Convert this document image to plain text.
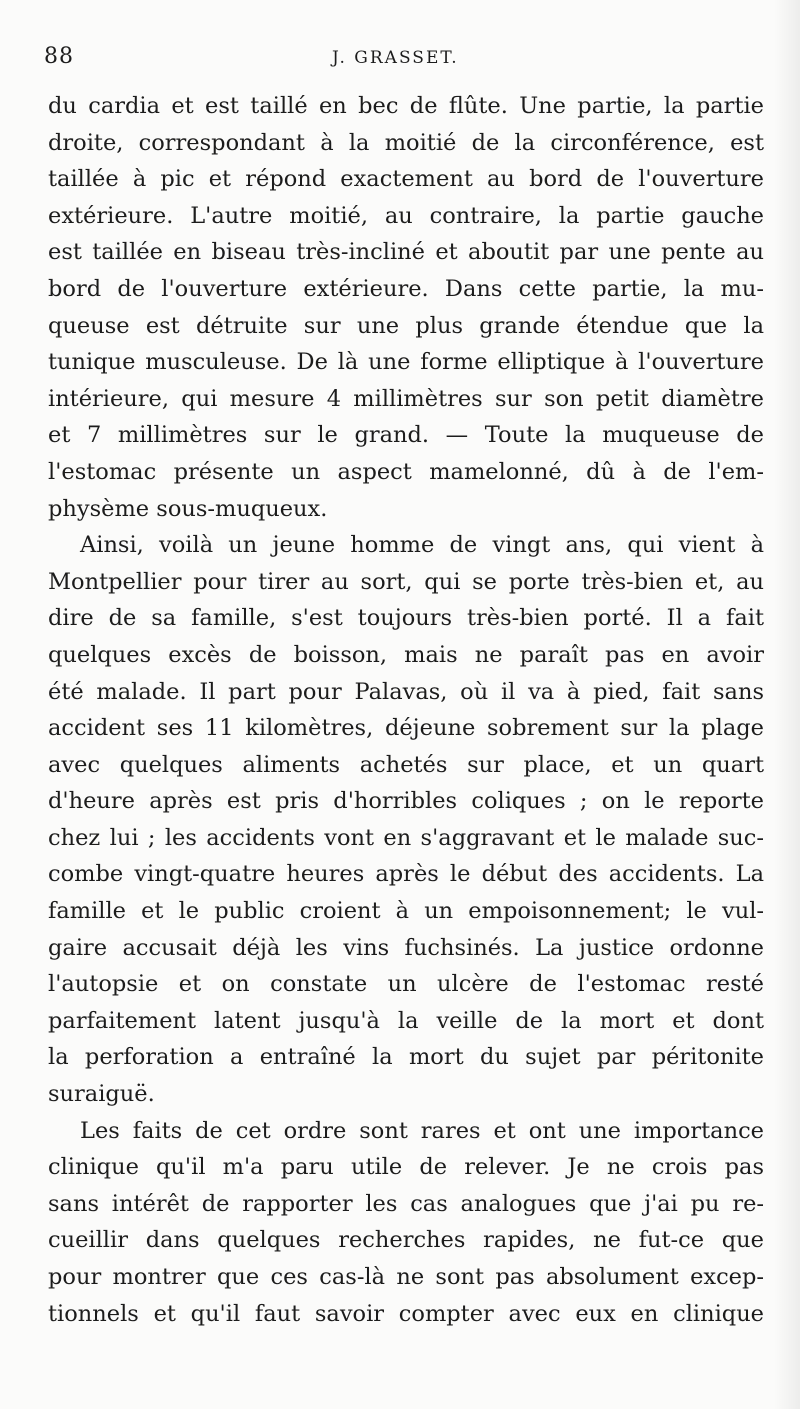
88	J. GRASSET.
du cardia et est taillé en bec de flûte. Une partie, la partie
droite, correspondant à la moitié de la circonférence, est
taillée à pic et répond exactement au bord de l'ouverture
extérieure. L'autre moitié, au contraire, la partie gauche
est taillée en biseau très-incliné et aboutit par une pente au
bord de l'ouverture extérieure. Dans cette partie, la mu-
queuse est détruite sur une plus grande étendue que la
tunique musculeuse. De là une forme elliptique à l'ouverture
intérieure, qui mesure 4 millimètres sur son petit diamètre
et 7 millimètres sur le grand. — Toute la muqueuse de
l'estomac présente un aspect mamelonné, dû à de l'em-
physème sous-muqueux.
Ainsi, voilà un jeune homme de vingt ans, qui vient à
Montpellier pour tirer au sort, qui se porte très-bien et, au
dire de sa famille, s'est toujours très-bien porté. Il a fait
quelques excès de boisson, mais ne paraît pas en avoir
été malade. Il part pour Palavas, où il va à pied, fait sans
accident ses 11 kilomètres, déjeune sobrement sur la plage
avec quelques aliments achetés sur place, et un quart
d'heure après est pris d'horribles coliques ; on le reporte
chez lui ; les accidents vont en s'aggravant et le malade suc-
combe vingt-quatre heures après le début des accidents. La
famille et le public croient à un empoisonnement; le vul-
gaire accusait déjà les vins fuchsinés. La justice ordonne
l'autopsie et on constate un ulcère de l'estomac resté
parfaitement latent jusqu'à la veille de la mort et dont
la perforation a entraîné la mort du sujet par péritonite
suraiguë.
Les faits de cet ordre sont rares et ont une importance
clinique qu'il m'a paru utile de relever. Je ne crois pas
sans intérêt de rapporter les cas analogues que j'ai pu re-
cueillir dans quelques recherches rapides, ne fut-ce que
pour montrer que ces cas-là ne sont pas absolument excep-
tionnels et qu'il faut savoir compter avec eux en clinique
